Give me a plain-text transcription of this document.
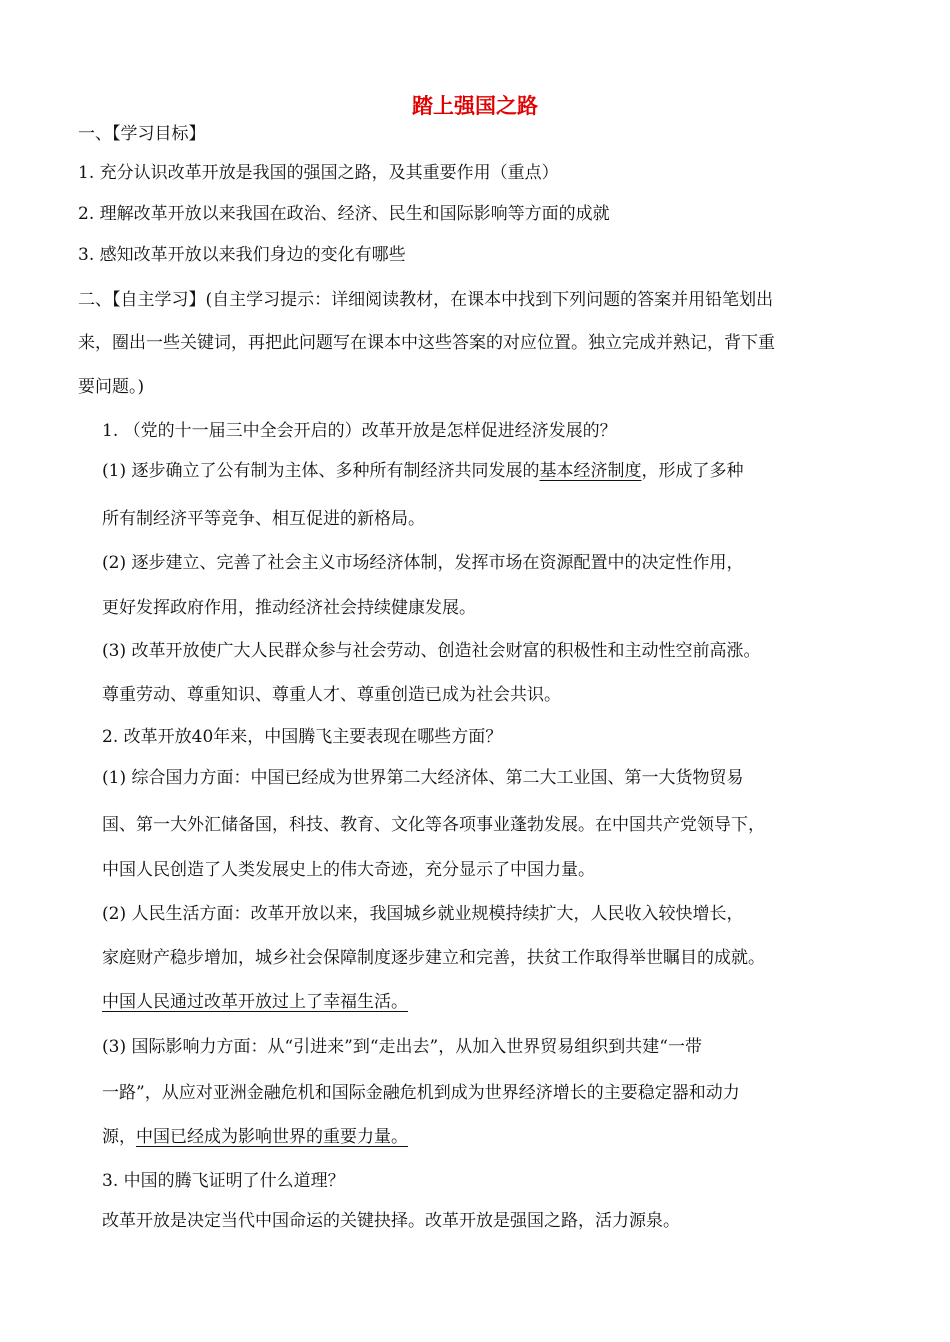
踏上强国之路
一、【学习目标】
1. 充分认识改革开放是我国的强国之路，及其重要作用（重点）
2. 理解改革开放以来我国在政治、经济、民生和国际影响等方面的成就
3. 感知改革开放以来我们身边的变化有哪些
二、【自主学习】(自主学习提示：详细阅读教材，在课本中找到下列问题的答案并用铅笔划出
来，圈出一些关键词，再把此问题写在课本中这些答案的对应位置。独立完成并熟记，背下重
要问题。)
1. （党的十一届三中全会开启的）改革开放是怎样促进经济发展的？
(1) 逐步确立了公有制为主体、多种所有制经济共同发展的基本经济制度，形成了多种
所有制经济平等竞争、相互促进的新格局。
(2) 逐步建立、完善了社会主义市场经济体制，发挥市场在资源配置中的决定性作用，
更好发挥政府作用，推动经济社会持续健康发展。
(3) 改革开放使广大人民群众参与社会劳动、创造社会财富的积极性和主动性空前高涨。
尊重劳动、尊重知识、尊重人才、尊重创造已成为社会共识。
2. 改革开放40年来，中国腾飞主要表现在哪些方面？
(1) 综合国力方面：中国已经成为世界第二大经济体、第二大工业国、第一大货物贸易
国、第一大外汇储备国，科技、教育、文化等各项事业蓬勃发展。在中国共产党领导下，
中国人民创造了人类发展史上的伟大奇迹，充分显示了中国力量。
(2) 人民生活方面：改革开放以来，我国城乡就业规模持续扩大，人民收入较快增长，
家庭财产稳步增加，城乡社会保障制度逐步建立和完善，扶贫工作取得举世瞩目的成就。
中国人民通过改革开放过上了幸福生活。
(3) 国际影响力方面：从“引进来”到“走出去”，从加入世界贸易组织到共建“一带
一路”，从应对亚洲金融危机和国际金融危机到成为世界经济增长的主要稳定器和动力
源，中国已经成为影响世界的重要力量。
3. 中国的腾飞证明了什么道理？
改革开放是决定当代中国命运的关键抉择。改革开放是强国之路，活力源泉。
